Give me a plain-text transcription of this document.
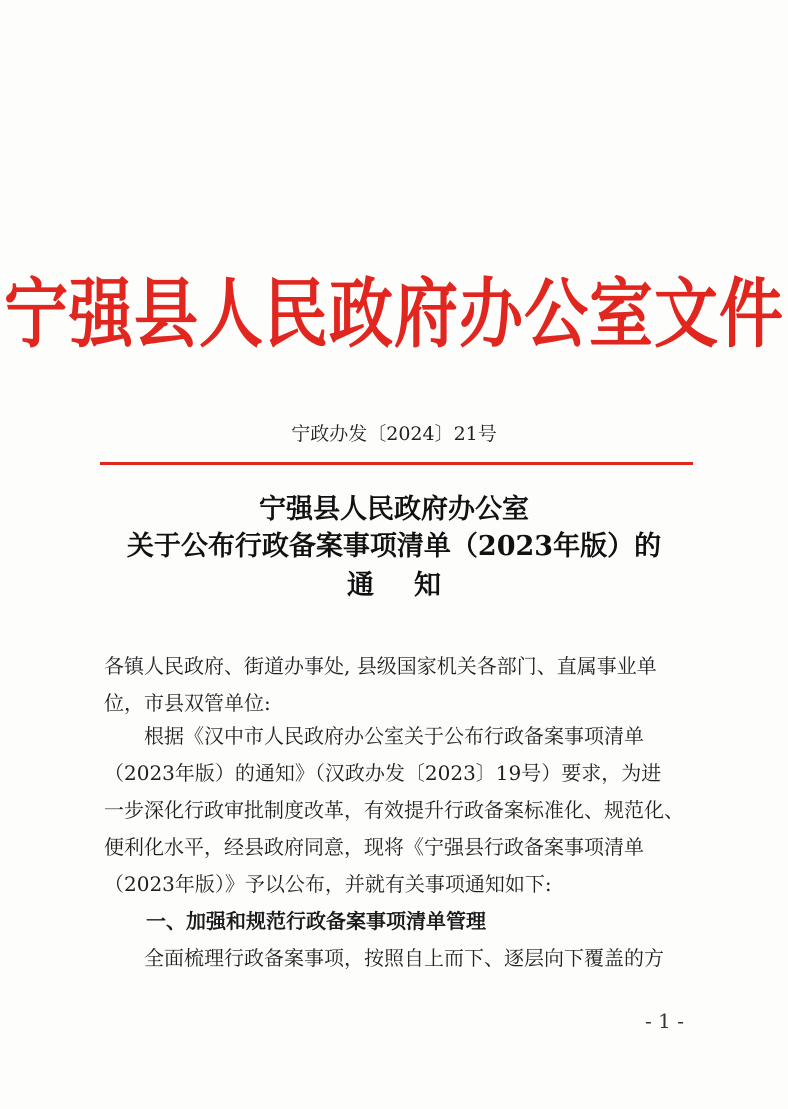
宁强县人民政府办公室文件
宁政办发〔2024〕21号
宁强县人民政府办公室
关于公布行政备案事项清单（2023年版）的
通知
各镇人民政府、街道办事处, 县级国家机关各部门、直属事业单
位，市县双管单位:
　　根据《汉中市人民政府办公室关于公布行政备案事项清单
（2023年版）的通知》（汉政办发〔2023〕19号）要求，为进
一步深化行政审批制度改革，有效提升行政备案标准化、规范化、
便利化水平，经县政府同意，现将《宁强县行政备案事项清单
（2023年版）》予以公布，并就有关事项通知如下:
一、加强和规范行政备案事项清单管理
　　全面梳理行政备案事项，按照自上而下、逐层向下覆盖的方
- 1 -
